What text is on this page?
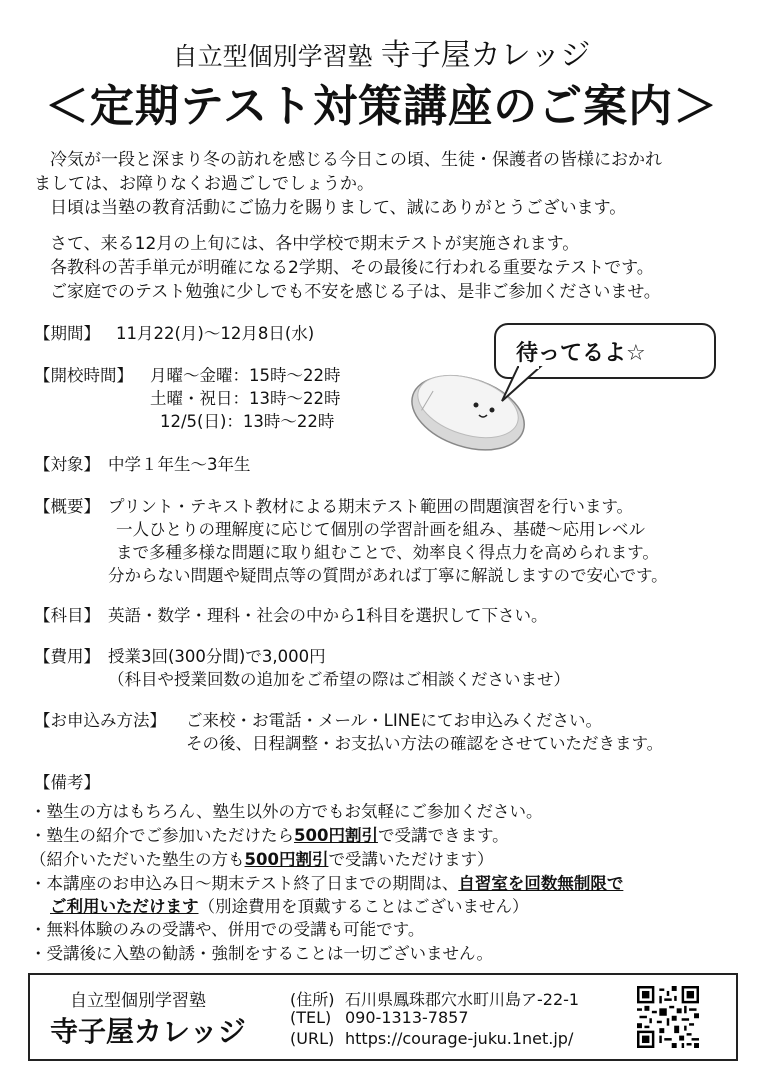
自立型個別学習塾 寺子屋カレッジ
＜定期テスト対策講座のご案内＞
冷気が一段と深まり冬の訪れを感じる今日この頃、生徒・保護者の皆様におかれ
ましては、お障りなくお過ごしでしょうか。
日頃は当塾の教育活動にご協力を賜りまして、誠にありがとうございます。
さて、来る12月の上旬には、各中学校で期末テストが実施されます。
各教科の苦手単元が明確になる2学期、その最後に行われる重要なテストです。
ご家庭でのテスト勉強に少しでも不安を感じる子は、是非ご参加くださいませ。
【期間】 11月22(月)～12月8日(水)
【開校時間】 月曜～金曜：15時～22時
土曜・祝日：13時～22時
12/5(日)：13時～22時
待ってるよ☆
【対象】 中学１年生～3年生
【概要】 プリント・テキスト教材による期末テスト範囲の問題演習を行います。
一人ひとりの理解度に応じて個別の学習計画を組み、基礎～応用レベル
まで多種多様な問題に取り組むことで、効率良く得点力を高められます。
分からない問題や疑問点等の質問があれば丁寧に解説しますので安心です。
【科目】 英語・数学・理科・社会の中から1科目を選択して下さい。
【費用】 授業3回(300分間)で3,000円
（科目や授業回数の追加をご希望の際はご相談くださいませ）
【お申込み方法】 ご来校・お電話・メール・LINEにてお申込みください。
その後、日程調整・お支払い方法の確認をさせていただきます。
【備考】
・塾生の方はもちろん、塾生以外の方でもお気軽にご参加ください。
・塾生の紹介でご参加いただけたら500円割引で受講できます。
（紹介いただいた塾生の方も500円割引で受講いただけます）
・本講座のお申込み日～期末テスト終了日までの期間は、自習室を回数無制限で
ご利用いただけます（別途費用を頂戴することはございません）
・無料体験のみの受講や、併用での受講も可能です。
・受講後に入塾の勧誘・強制をすることは一切ございません。
自立型個別学習塾
寺子屋カレッジ
(住所) 石川県鳳珠郡穴水町川島ア-22-1
(TEL) 090-1313-7857
(URL) https://courage-juku.1net.jp/
